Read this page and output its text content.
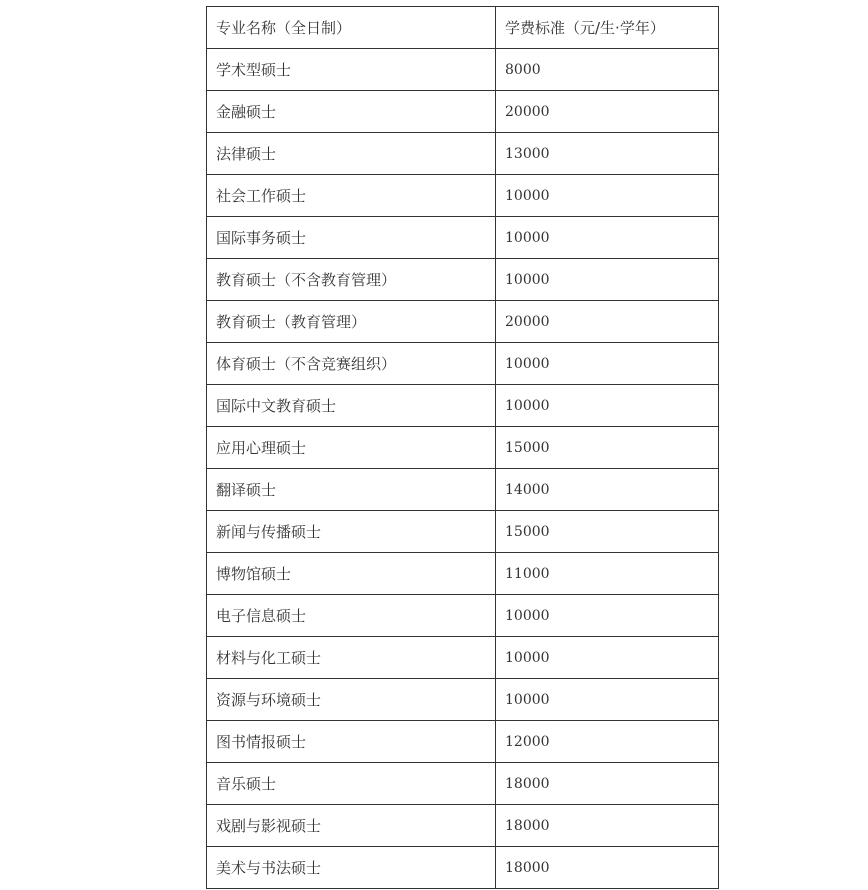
专业名称（全日制）	学费标准（元/生·学年）
学术型硕士	8000
金融硕士	20000
法律硕士	13000
社会工作硕士	10000
国际事务硕士	10000
教育硕士（不含教育管理）	10000
教育硕士（教育管理）	20000
体育硕士（不含竞赛组织）	10000
国际中文教育硕士	10000
应用心理硕士	15000
翻译硕士	14000
新闻与传播硕士	15000
博物馆硕士	11000
电子信息硕士	10000
材料与化工硕士	10000
资源与环境硕士	10000
图书情报硕士	12000
音乐硕士	18000
戏剧与影视硕士	18000
美术与书法硕士	18000
